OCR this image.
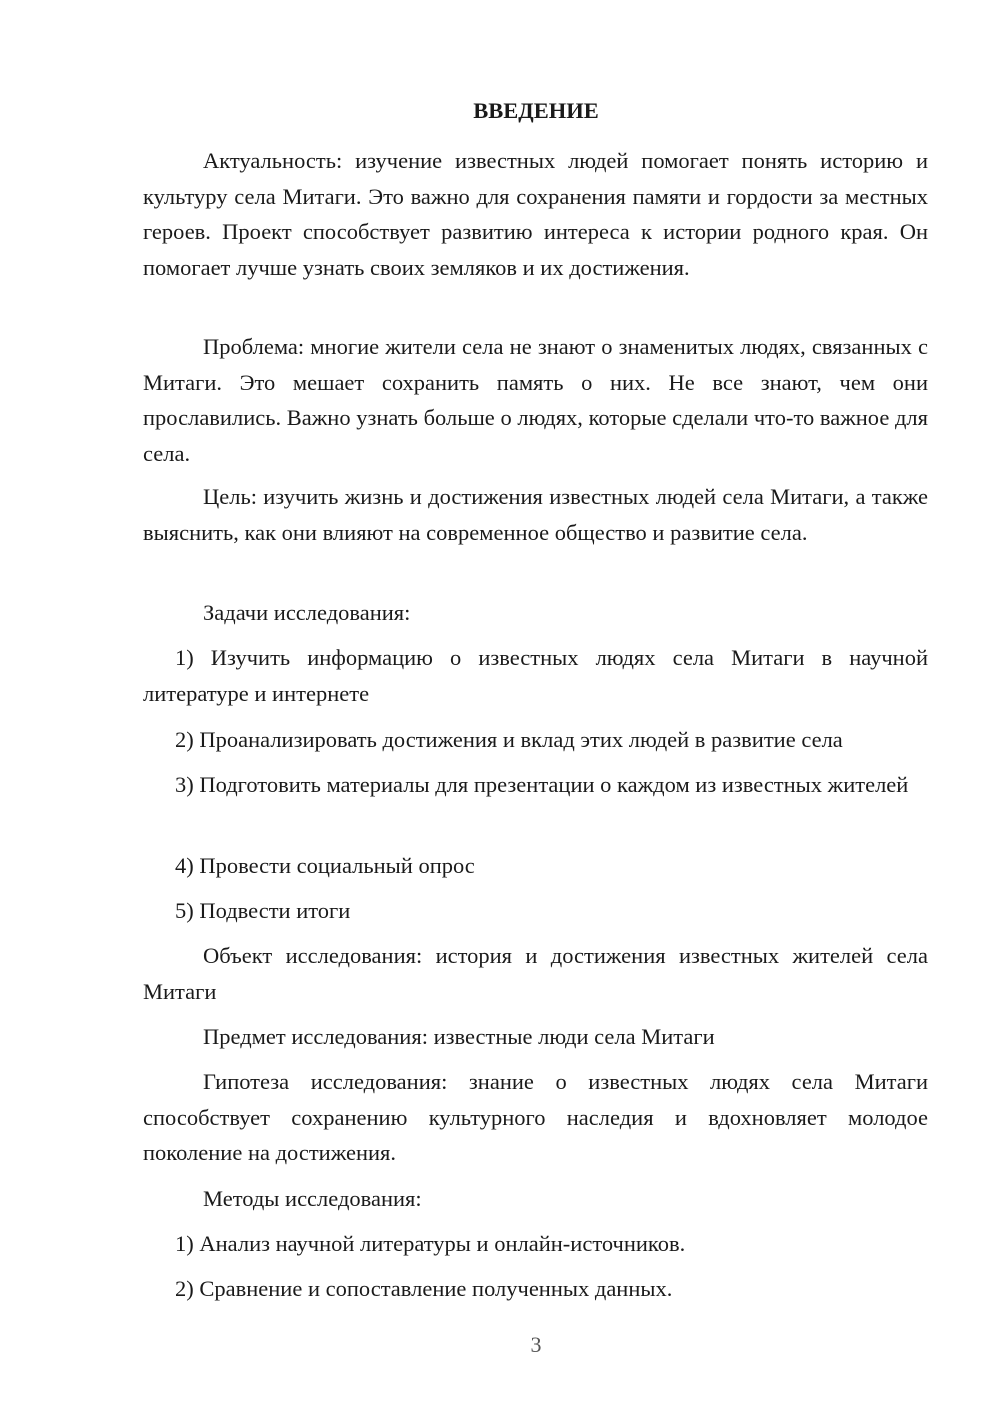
ВВЕДЕНИЕ

Актуальность: изучение известных людей помогает понять историю и культуру села Митаги. Это важно для сохранения памяти и гордости за местных героев. Проект способствует развитию интереса к истории родного края. Он помогает лучше узнать своих земляков и их достижения.

Проблема: многие жители села не знают о знаменитых людях, связанных с Митаги. Это мешает сохранить память о них. Не все знают, чем они прославились. Важно узнать больше о людях, которые сделали что-то важное для села.

Цель: изучить жизнь и достижения известных людей села Митаги, а также выяснить, как они влияют на современное общество и развитие села.

Задачи исследования:

1) Изучить информацию о известных людях села Митаги в научной литературе и интернете

2) Проанализировать достижения и вклад этих людей в развитие села

3) Подготовить материалы для презентации о каждом из известных жителей

4) Провести социальный опрос

5) Подвести итоги

Объект исследования: история и достижения известных жителей села Митаги

Предмет исследования: известные люди села Митаги

Гипотеза исследования: знание о известных людях села Митаги способствует сохранению культурного наследия и вдохновляет молодое поколение на достижения.

Методы исследования:

1) Анализ научной литературы и онлайн-источников.

2) Сравнение и сопоставление полученных данных.

3
